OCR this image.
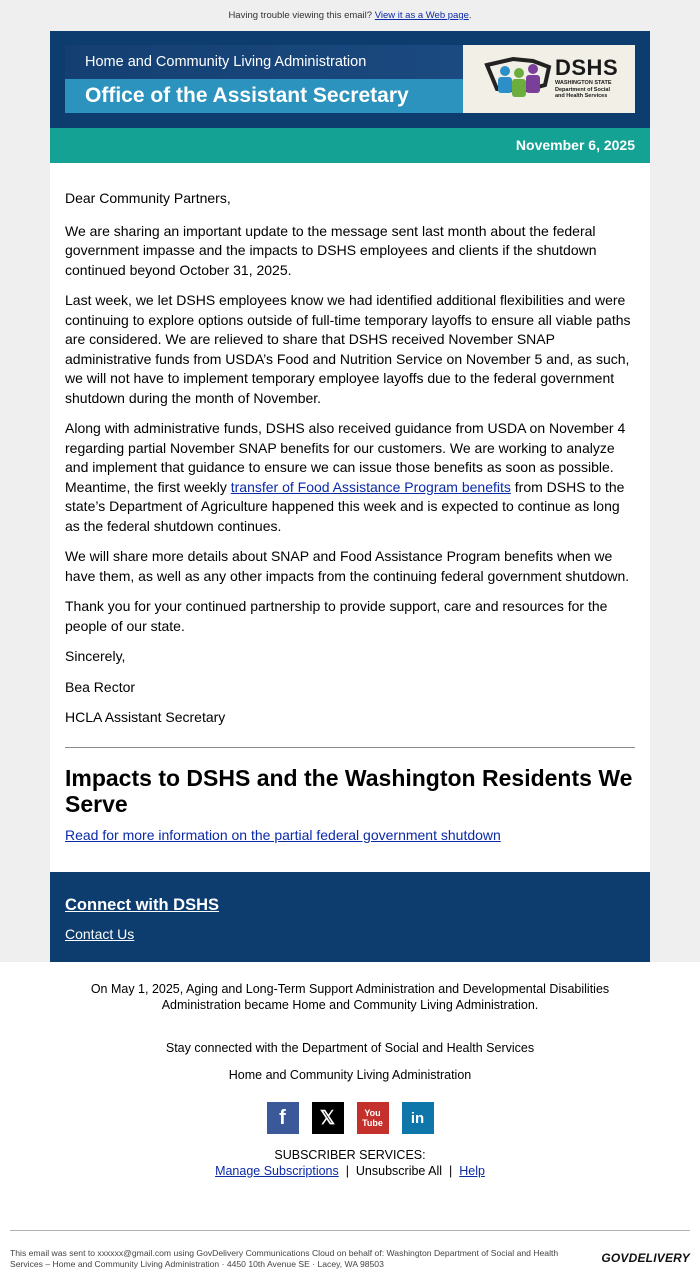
Having trouble viewing this email? View it as a Web page.
Home and Community Living Administration
Office of the Assistant Secretary
DSHS
WASHINGTON STATE
Department of Social
and Health Services
November 6, 2025

Dear Community Partners,

We are sharing an important update to the message sent last month about the federal government impasse and the impacts to DSHS employees and clients if the shutdown continued beyond October 31, 2025.

Last week, we let DSHS employees know we had identified additional flexibilities and were continuing to explore options outside of full-time temporary layoffs to ensure all viable paths are considered. We are relieved to share that DSHS received November SNAP administrative funds from USDA’s Food and Nutrition Service on November 5 and, as such, we will not have to implement temporary employee layoffs due to the federal government shutdown during the month of November.

Along with administrative funds, DSHS also received guidance from USDA on November 4 regarding partial November SNAP benefits for our customers. We are working to analyze and implement that guidance to ensure we can issue those benefits as soon as possible. Meantime, the first weekly transfer of Food Assistance Program benefits from DSHS to the state’s Department of Agriculture happened this week and is expected to continue as long as the federal shutdown continues.

We will share more details about SNAP and Food Assistance Program benefits when we have them, as well as any other impacts from the continuing federal government shutdown.

Thank you for your continued partnership to provide support, care and resources for the people of our state.

Sincerely,

Bea Rector

HCLA Assistant Secretary

Impacts to DSHS and the Washington Residents We Serve
Read for more information on the partial federal government shutdown
Connect with DSHS
Contact Us
On May 1, 2025, Aging and Long-Term Support Administration and Developmental Disabilities Administration became Home and Community Living Administration.
Stay connected with the Department of Social and Health Services
Home and Community Living Administration
f	𝕏	You Tube	in
SUBSCRIBER SERVICES:
Manage Subscriptions | Unsubscribe All | Help
This email was sent to xxxxxx@gmail.com using GovDelivery Communications Cloud on behalf of: Washington Department of Social and Health Services – Home and Community Living Administration · 4450 10th Avenue SE · Lacey, WA 98503	GOVDELIVERY
